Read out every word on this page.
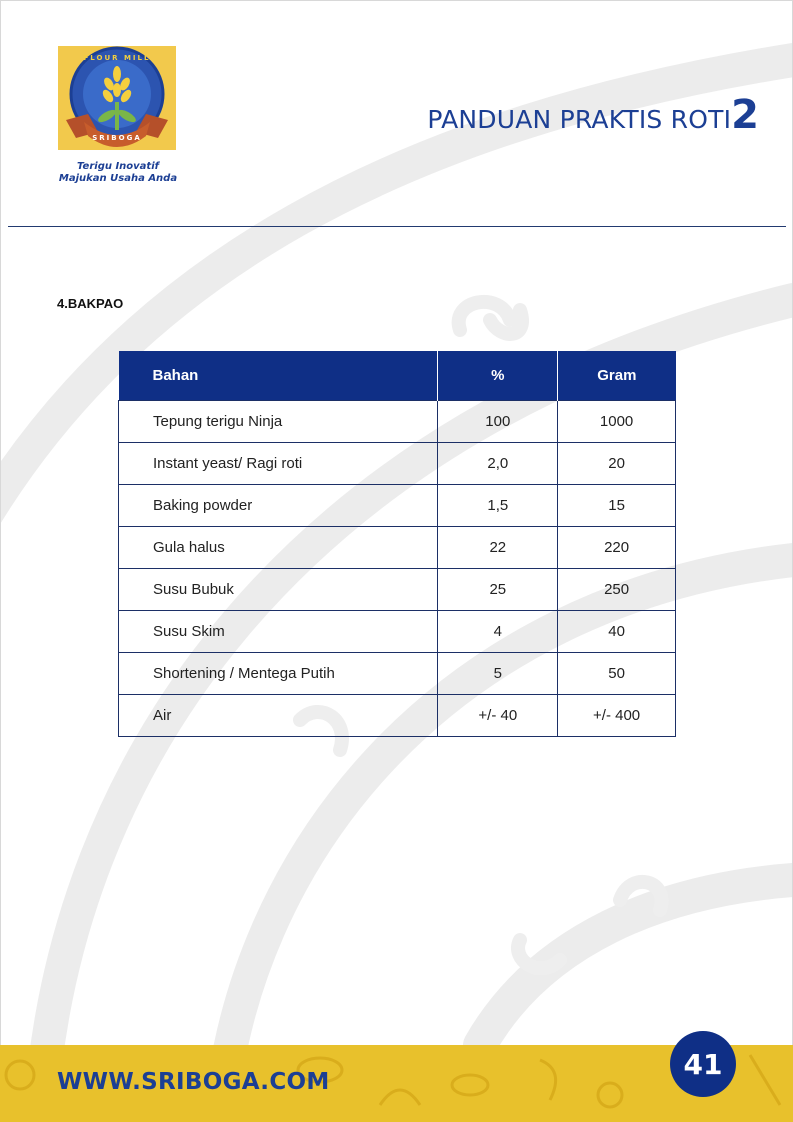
SRIBOGA
FLOUR MILL
Terigu Inovatif
Majukan Usaha Anda
PANDUAN PRAKTIS ROTI2
4.BAKPAO
Bahan	%	Gram
Tepung terigu Ninja	100	1000
Instant yeast/ Ragi roti	2,0	20
Baking powder	1,5	15
Gula halus	22	220
Susu Bubuk	25	250
Susu Skim	4	40
Shortening / Mentega Putih	5	50
Air	+/- 40	+/- 400
WWW.SRIBOGA.COM
41
